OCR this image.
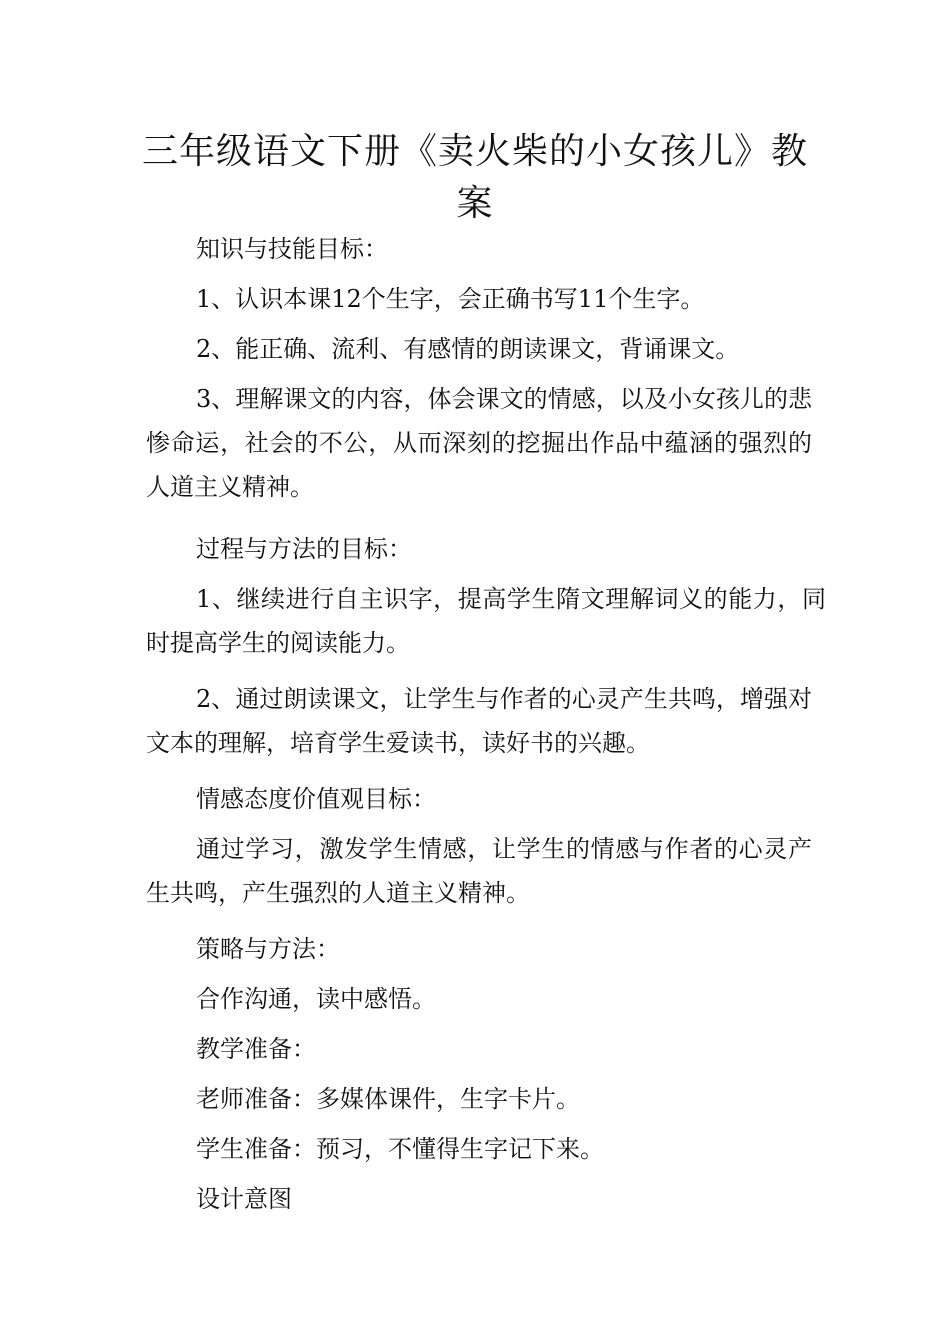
三年级语文下册《卖火柴的小女孩儿》教案

知识与技能目标：

1、认识本课12个生字，会正确书写11个生字。

2、能正确、流利、有感情的朗读课文，背诵课文。

3、理解课文的内容，体会课文的情感，以及小女孩儿的悲惨命运，社会的不公，从而深刻的挖掘出作品中蕴涵的强烈的人道主义精神。

过程与方法的目标：

1、继续进行自主识字，提高学生隋文理解词义的能力，同时提高学生的阅读能力。

2、通过朗读课文，让学生与作者的心灵产生共鸣，增强对文本的理解，培育学生爱读书，读好书的兴趣。

情感态度价值观目标：

通过学习，激发学生情感，让学生的情感与作者的心灵产生共鸣，产生强烈的人道主义精神。

策略与方法：

合作沟通，读中感悟。

教学准备：

老师准备：多媒体课件，生字卡片。

学生准备：预习，不懂得生字记下来。

设计意图
